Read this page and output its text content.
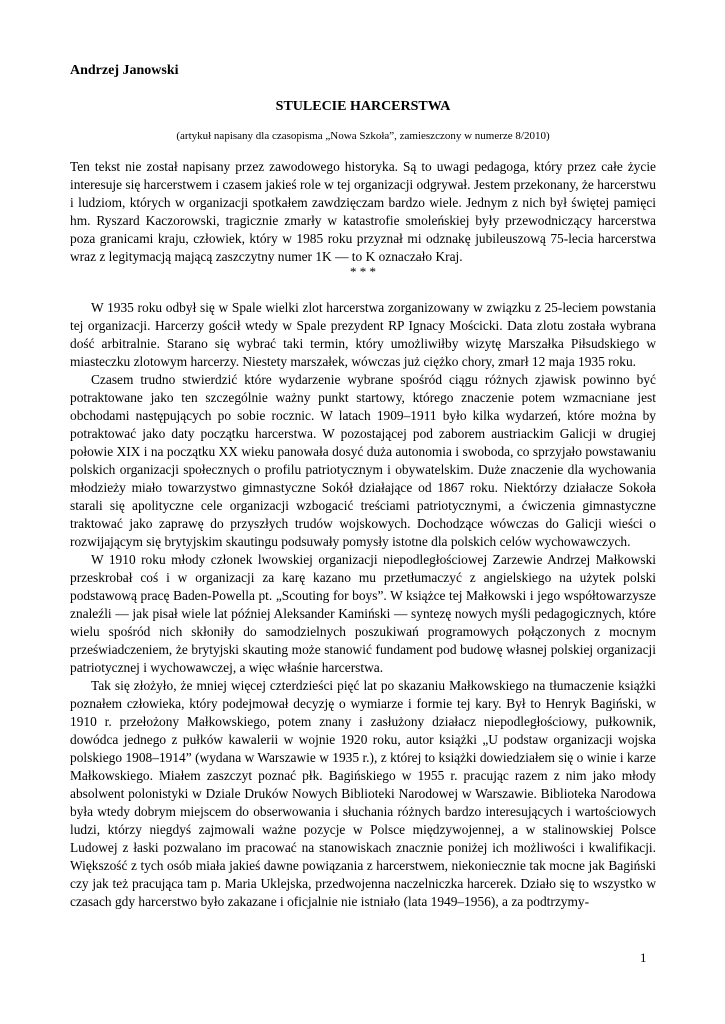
Andrzej Janowski

STULECIE HARCERSTWA

(artykuł napisany dla czasopisma „Nowa Szkoła”, zamieszczony w numerze 8/2010)

Ten tekst nie został napisany przez zawodowego historyka. Są to uwagi pedagoga, który przez całe życie interesuje się harcerstwem i czasem jakieś role w tej organizacji odgrywał. Jestem przekonany, że harcerstwu i ludziom, których w organizacji spotkałem zawdzięczam bardzo wiele. Jednym z nich był świętej pamięci hm. Ryszard Kaczorowski, tragicznie zmarły w katastrofie smoleńskiej były przewodniczący harcerstwa poza granicami kraju, człowiek, który w 1985 roku przyznał mi odznakę jubileuszową 75-lecia harcerstwa wraz z legitymacją mającą zaszczytny numer 1K — to K oznaczało Kraj.

* * *

W 1935 roku odbył się w Spale wielki zlot harcerstwa zorganizowany w związku z 25-leciem powstania tej organizacji. Harcerzy gościł wtedy w Spale prezydent RP Ignacy Mościcki. Data zlotu została wybrana dość arbitralnie. Starano się wybrać taki termin, który umożliwiłby wizytę Marszałka Piłsudskiego w miasteczku zlotowym harcerzy. Niestety marszałek, wówczas już ciężko chory, zmarł 12 maja 1935 roku.

Czasem trudno stwierdzić które wydarzenie wybrane spośród ciągu różnych zjawisk powinno być potraktowane jako ten szczególnie ważny punkt startowy, którego znaczenie potem wzmacniane jest obchodami następujących po sobie rocznic. W latach 1909–1911 było kilka wydarzeń, które można by potraktować jako daty początku harcerstwa. W pozostającej pod zaborem austriackim Galicji w drugiej połowie XIX i na początku XX wieku panowała dosyć duża autonomia i swoboda, co sprzyjało powstawaniu polskich organizacji społecznych o profilu patriotycznym i obywatelskim. Duże znaczenie dla wychowania młodzieży miało towarzystwo gimnastyczne Sokół działające od 1867 roku. Niektórzy działacze Sokoła starali się apolityczne cele organizacji wzbogacić treściami patriotycznymi, a ćwiczenia gimnastyczne traktować jako zaprawę do przyszłych trudów wojskowych. Dochodzące wówczas do Galicji wieści o rozwijającym się brytyjskim skautingu podsuwały pomysły istotne dla polskich celów wychowawczych.

W 1910 roku młody członek lwowskiej organizacji niepodległościowej Zarzewie Andrzej Małkowski przeskrobał coś i w organizacji za karę kazano mu przetłumaczyć z angielskiego na użytek polski podstawową pracę Baden-Powella pt. „Scouting for boys”. W książce tej Małkowski i jego współtowarzysze znaleźli — jak pisał wiele lat później Aleksander Kamiński — syntezę nowych myśli pedagogicznych, które wielu spośród nich skłoniły do samodzielnych poszukiwań programowych połączonych z mocnym przeświadczeniem, że brytyjski skauting może stanowić fundament pod budowę własnej polskiej organizacji patriotycznej i wychowawczej, a więc właśnie harcerstwa.

Tak się złożyło, że mniej więcej czterdzieści pięć lat po skazaniu Małkowskiego na tłumaczenie książki poznałem człowieka, który podejmował decyzję o wymiarze i formie tej kary. Był to Henryk Bagiński, w 1910 r. przełożony Małkowskiego, potem znany i zasłużony działacz niepodległościowy, pułkownik, dowódca jednego z pułków kawalerii w wojnie 1920 roku, autor książki „U podstaw organizacji wojska polskiego 1908–1914” (wydana w Warszawie w 1935 r.), z której to książki dowiedziałem się o winie i karze Małkowskiego. Miałem zaszczyt poznać płk. Bagińskiego w 1955 r. pracując razem z nim jako młody absolwent polonistyki w Dziale Druków Nowych Biblioteki Narodowej w Warszawie. Biblioteka Narodowa była wtedy dobrym miejscem do obserwowania i słuchania różnych bardzo interesujących i wartościowych ludzi, którzy niegdyś zajmowali ważne pozycje w Polsce międzywojennej, a w stalinowskiej Polsce Ludowej z łaski pozwalano im pracować na stanowiskach znacznie poniżej ich możliwości i kwalifikacji. Większość z tych osób miała jakieś dawne powiązania z harcerstwem, niekoniecznie tak mocne jak Bagiński czy jak też pracująca tam p. Maria Uklejska, przedwojenna naczelniczka harcerek. Działo się to wszystko w czasach gdy harcerstwo było zakazane i oficjalnie nie istniało (lata 1949–1956), a za podtrzymy-

1
